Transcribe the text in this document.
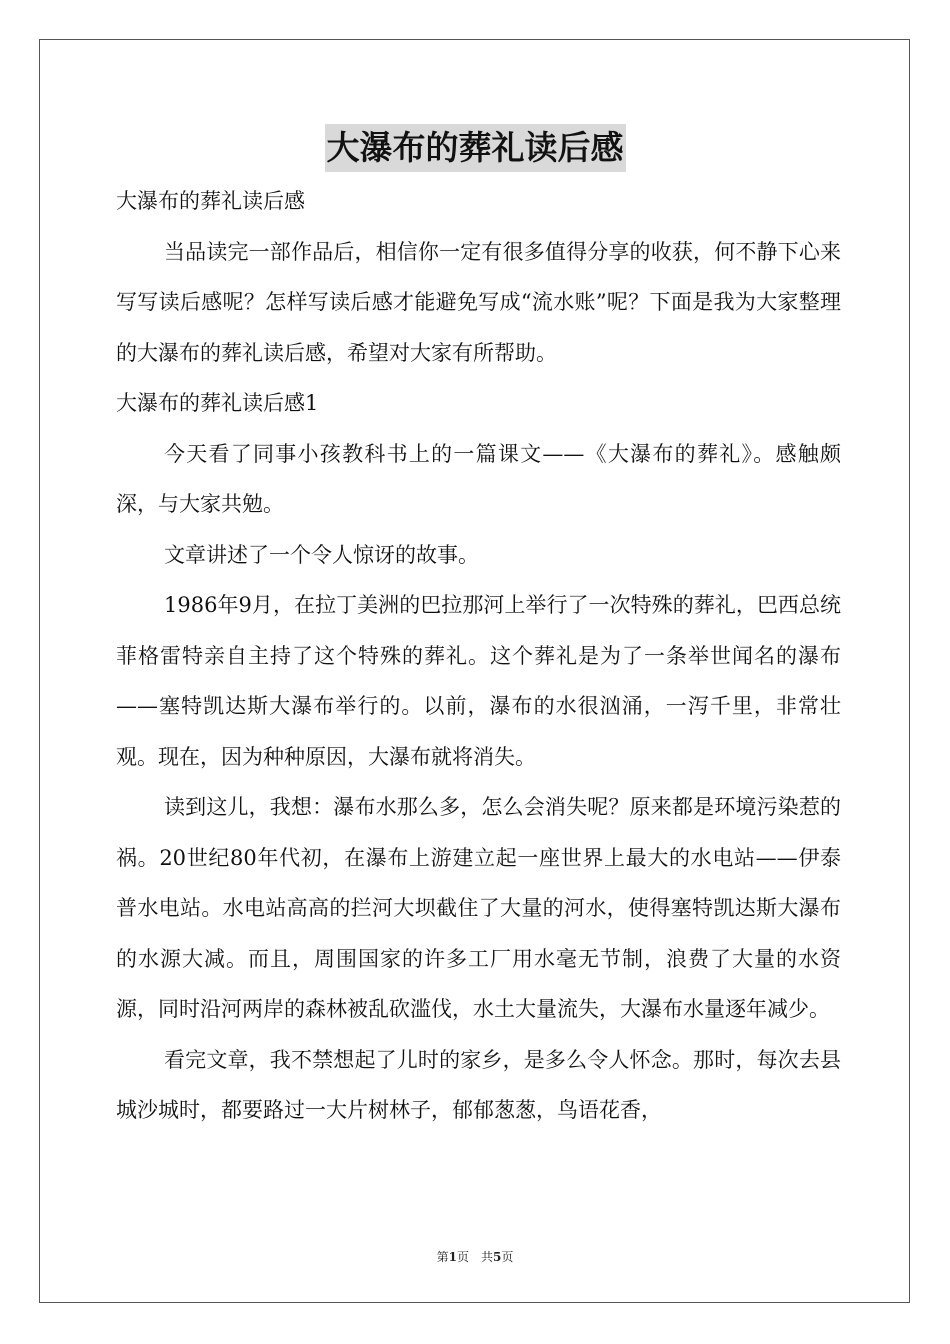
大瀑布的葬礼读后感

大瀑布的葬礼读后感

当品读完一部作品后，相信你一定有很多值得分享的收获，何不静下心来写写读后感呢？怎样写读后感才能避免写成“流水账”呢？下面是我为大家整理的大瀑布的葬礼读后感，希望对大家有所帮助。

大瀑布的葬礼读后感1

今天看了同事小孩教科书上的一篇课文——《大瀑布的葬礼》。感触颇深，与大家共勉。

文章讲述了一个令人惊讶的故事。

1986年9月，在拉丁美洲的巴拉那河上举行了一次特殊的葬礼，巴西总统菲格雷特亲自主持了这个特殊的葬礼。这个葬礼是为了一条举世闻名的瀑布——塞特凯达斯大瀑布举行的。以前，瀑布的水很汹涌，一泻千里，非常壮观。现在，因为种种原因，大瀑布就将消失。

读到这儿，我想：瀑布水那么多，怎么会消失呢？原来都是环境污染惹的祸。20世纪80年代初，在瀑布上游建立起一座世界上最大的水电站——伊泰普水电站。水电站高高的拦河大坝截住了大量的河水，使得塞特凯达斯大瀑布的水源大减。而且，周围国家的许多工厂用水毫无节制，浪费了大量的水资源，同时沿河两岸的森林被乱砍滥伐，水土大量流失，大瀑布水量逐年减少。

看完文章，我不禁想起了儿时的家乡，是多么令人怀念。那时，每次去县城沙城时，都要路过一大片树林子，郁郁葱葱，鸟语花香，

第1页 共5页
